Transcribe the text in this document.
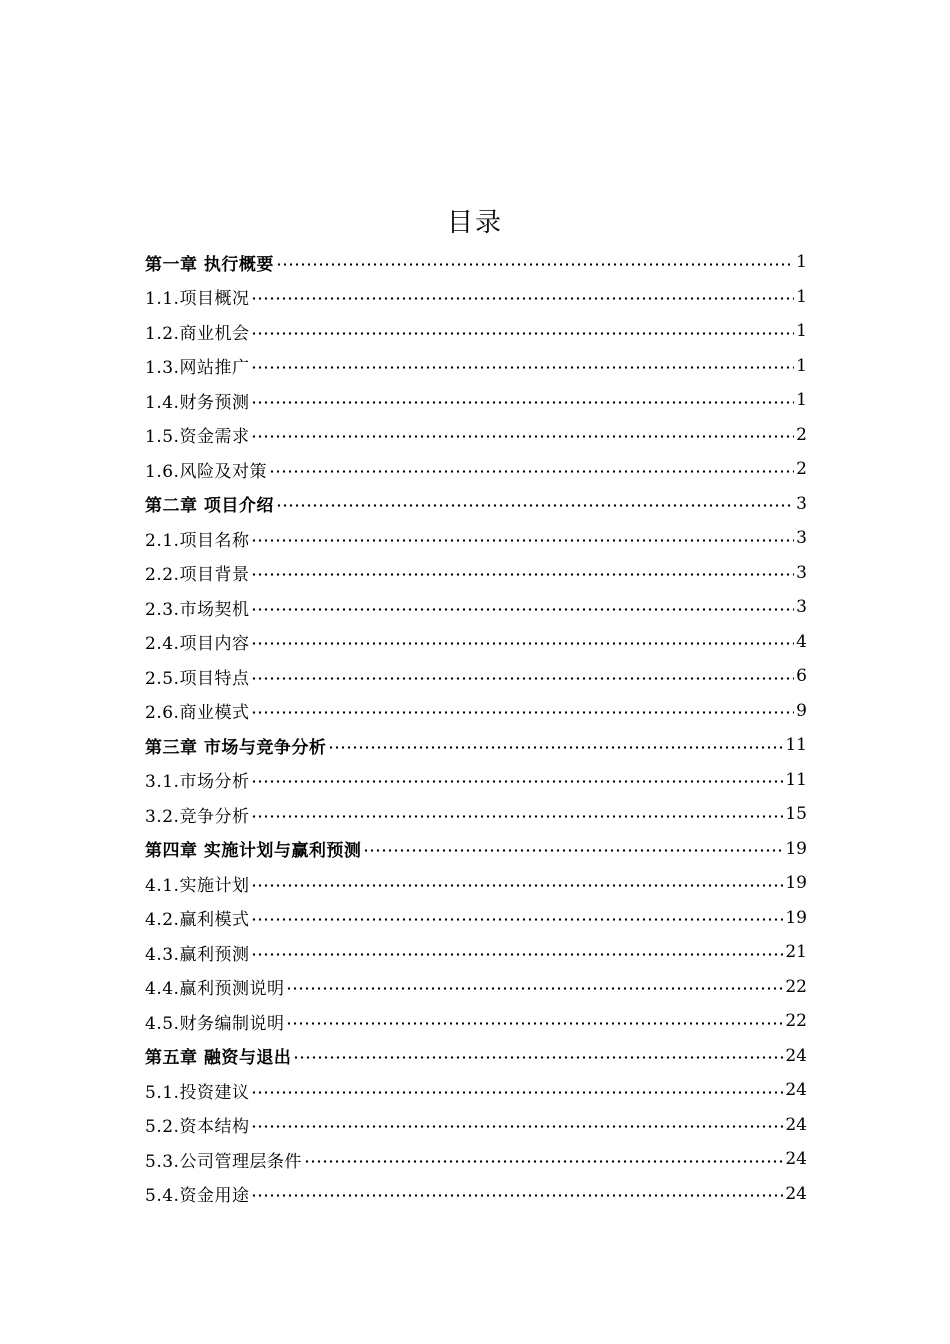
目录
第一章 执行概要	1
1.1.项目概况	1
1.2.商业机会	1
1.3.网站推广	1
1.4.财务预测	1
1.5.资金需求	2
1.6.风险及对策	2
第二章 项目介绍	3
2.1.项目名称	3
2.2.项目背景	3
2.3.市场契机	3
2.4.项目内容	4
2.5.项目特点	6
2.6.商业模式	9
第三章 市场与竞争分析	11
3.1.市场分析	11
3.2.竞争分析	15
第四章 实施计划与赢利预测	19
4.1.实施计划	19
4.2.赢利模式	19
4.3.赢利预测	21
4.4.赢利预测说明	22
4.5.财务编制说明	22
第五章 融资与退出	24
5.1.投资建议	24
5.2.资本结构	24
5.3.公司管理层条件	24
5.4.资金用途	24
